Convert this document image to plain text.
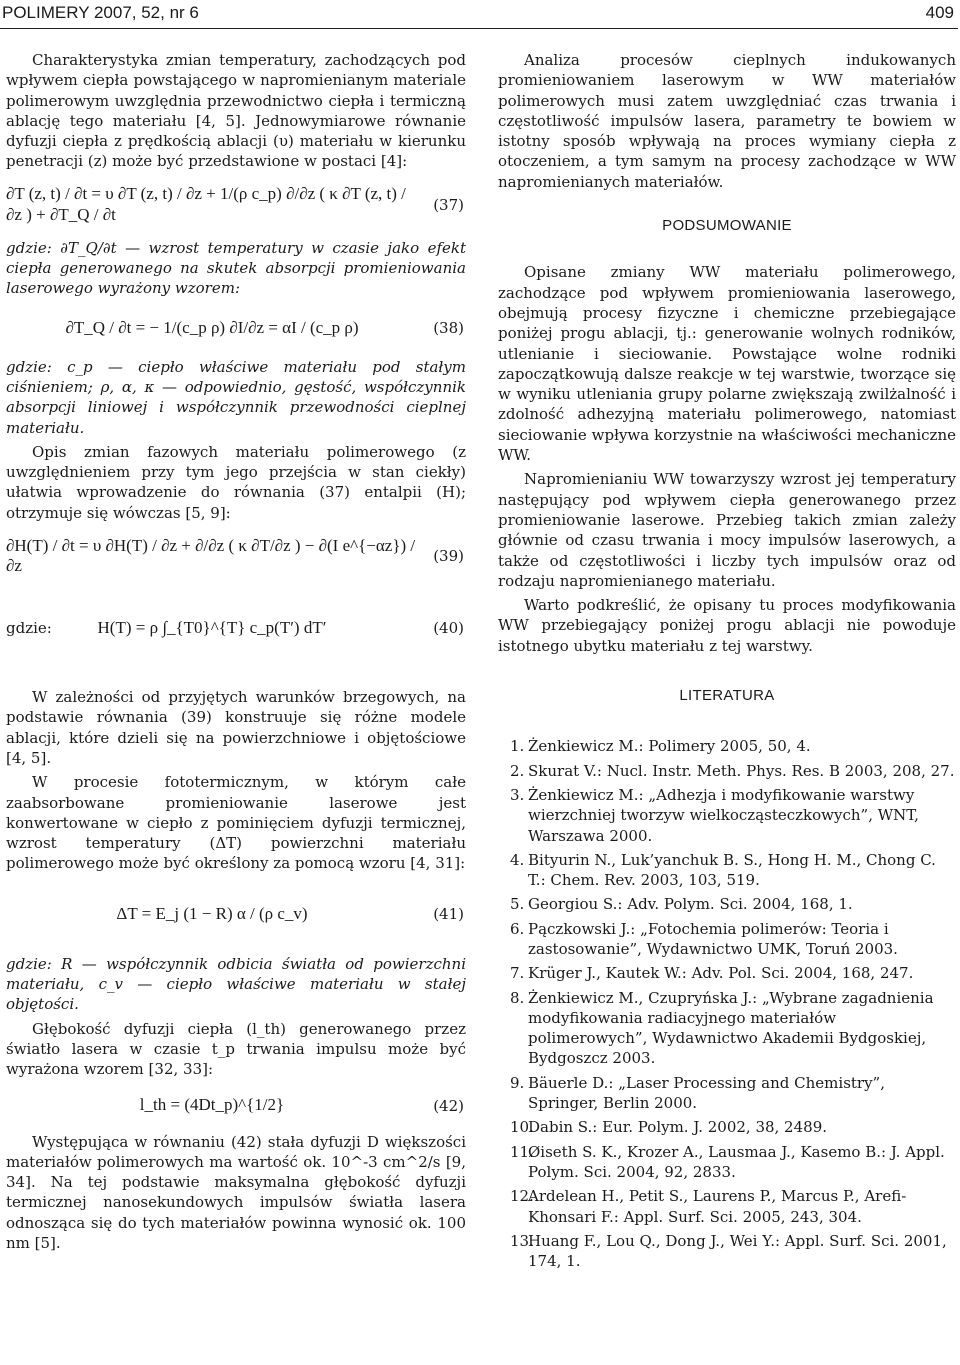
POLIMERY 2007, 52, nr 6	409

Charakterystyka zmian temperatury, zachodzących pod wpływem ciepła powstającego w napromienianym materiale polimerowym uwzględnia przewodnictwo ciepła i termiczną ablację tego materiału [4, 5]. Jednowymiarowe równanie dyfuzji ciepła z prędkością ablacji (υ) materiału w kierunku penetracji (z) może być przedstawione w postaci [4]:

∂T (z, t) / ∂t = υ ∂T (z, t) / ∂z + 1/(ρ c_p) ∂/∂z ( κ ∂T (z, t) / ∂z ) + ∂T_Q / ∂t
(37)

gdzie: ∂T_Q/∂t — wzrost temperatury w czasie jako efekt ciepła generowanego na skutek absorpcji promieniowania laserowego wyrażony wzorem:

∂T_Q / ∂t = − 1/(c_p ρ) ∂I/∂z = αI / (c_p ρ)	(38)

gdzie: c_p — ciepło właściwe materiału pod stałym ciśnieniem; ρ, α, κ — odpowiednio, gęstość, współczynnik absorpcji liniowej i współczynnik przewodności cieplnej materiału.

Opis zmian fazowych materiału polimerowego (z uwzględnieniem przy tym jego przejścia w stan ciekły) ułatwia wprowadzenie do równania (37) entalpii (H); otrzymuje się wówczas [5, 9]:

∂H(T) / ∂t = υ ∂H(T) / ∂z + ∂/∂z ( κ ∂T/∂z ) − ∂(I e^{−αz}) / ∂z
(39)
gdzie:	H(T) = ρ ∫_{T0}^{T} c_p(T′) dT′	(40)

W zależności od przyjętych warunków brzegowych, na podstawie równania (39) konstruuje się różne modele ablacji, które dzieli się na powierzchniowe i objętościowe [4, 5].

W procesie fototermicznym, w którym całe zaabsorbowane promieniowanie laserowe jest konwertowane w ciepło z pominięciem dyfuzji termicznej, wzrost temperatury (ΔT) powierzchni materiału polimerowego może być określony za pomocą wzoru [4, 31]:

ΔT = E_j (1 − R) α / (ρ c_v)	(41)

gdzie: R — współczynnik odbicia światła od powierzchni materiału, c_v — ciepło właściwe materiału w stałej objętości.

Głębokość dyfuzji ciepła (l_th) generowanego przez światło lasera w czasie t_p trwania impulsu może być wyrażona wzorem [32, 33]:

l_th = (4Dt_p)^{1/2}	(42)

Występująca w równaniu (42) stała dyfuzji D większości materiałów polimerowych ma wartość ok. 10^-3 cm^2/s [9, 34]. Na tej podstawie maksymalna głębokość dyfuzji termicznej nanosekundowych impulsów światła lasera odnosząca się do tych materiałów powinna wynosić ok. 100 nm [5].

Analiza procesów cieplnych indukowanych promieniowaniem laserowym w WW materiałów polimerowych musi zatem uwzględniać czas trwania i częstotliwość impulsów lasera, parametry te bowiem w istotny sposób wpływają na proces wymiany ciepła z otoczeniem, a tym samym na procesy zachodzące w WW napromienianych materiałów.

PODSUMOWANIE

Opisane zmiany WW materiału polimerowego, zachodzące pod wpływem promieniowania laserowego, obejmują procesy fizyczne i chemiczne przebiegające poniżej progu ablacji, tj.: generowanie wolnych rodników, utlenianie i sieciowanie. Powstające wolne rodniki zapoczątkowują dalsze reakcje w tej warstwie, tworzące się w wyniku utleniania grupy polarne zwiększają zwilżalność i zdolność adhezyjną materiału polimerowego, natomiast sieciowanie wpływa korzystnie na właściwości mechaniczne WW.

Napromienianiu WW towarzyszy wzrost jej temperatury następujący pod wpływem ciepła generowanego przez promieniowanie laserowe. Przebieg takich zmian zależy głównie od czasu trwania i mocy impulsów laserowych, a także od częstotliwości i liczby tych impulsów oraz od rodzaju napromienianego materiału.

Warto podkreślić, że opisany tu proces modyfikowania WW przebiegający poniżej progu ablacji nie powoduje istotnego ubytku materiału z tej warstwy.

LITERATURA
1. Żenkiewicz M.: Polimery 2005, 50, 4.
2. Skurat V.: Nucl. Instr. Meth. Phys. Res. B 2003, 208, 27.
3. Żenkiewicz M.: „Adhezja i modyfikowanie warstwy wierzchniej tworzyw wielkocząsteczkowych”, WNT, Warszawa 2000.
4. Bityurin N., Luk’yanchuk B. S., Hong H. M., Chong C. T.: Chem. Rev. 2003, 103, 519.
5. Georgiou S.: Adv. Polym. Sci. 2004, 168, 1.
6. Pączkowski J.: „Fotochemia polimerów: Teoria i zastosowanie”, Wydawnictwo UMK, Toruń 2003.
7. Krüger J., Kautek W.: Adv. Pol. Sci. 2004, 168, 247.
8. Żenkiewicz M., Czupryńska J.: „Wybrane zagadnienia modyfikowania radiacyjnego materiałów polimerowych”, Wydawnictwo Akademii Bydgoskiej, Bydgoszcz 2003.
9. Bäuerle D.: „Laser Processing and Chemistry”, Springer, Berlin 2000.
10.
Dabin S.: Eur. Polym. J. 2002, 38, 2489.
11.
Øiseth S. K., Krozer A., Lausmaa J., Kasemo B.: J. Appl. Polym. Sci. 2004, 92, 2833.
12.
Ardelean H., Petit S., Laurens P., Marcus P., Arefi-Khonsari F.: Appl. Surf. Sci. 2005, 243, 304.
13.
Huang F., Lou Q., Dong J., Wei Y.: Appl. Surf. Sci. 2001, 174, 1.
